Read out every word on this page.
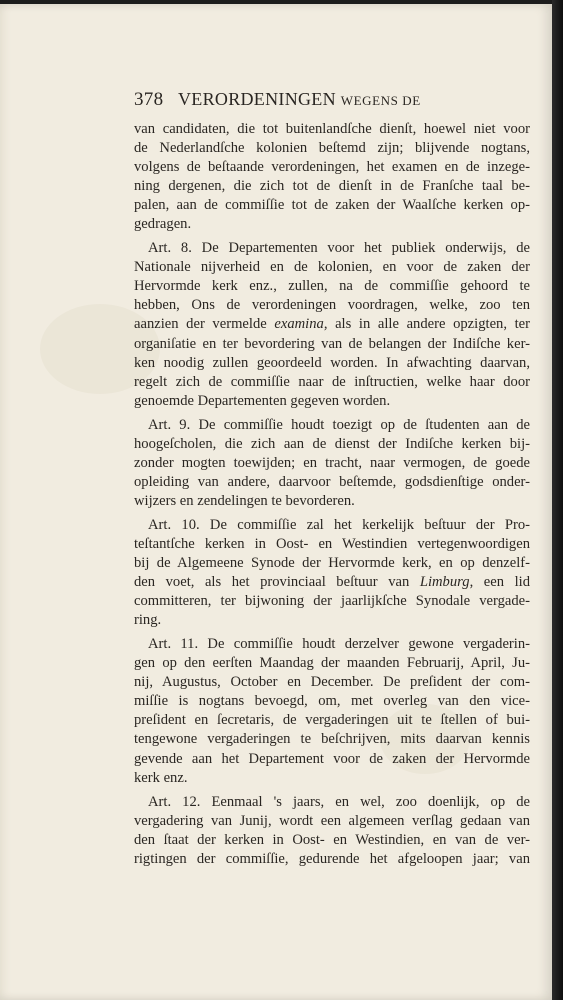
378 VERORDENINGEN WEGENS DE
van candidaten, die tot buitenlandſche dienſt, hoewel niet voor
de Nederlandſche kolonien beſtemd zijn; blijvende nogtans,
volgens de beſtaande verordeningen, het examen en de inzege-
ning dergenen, die zich tot de dienſt in de Franſche taal be-
palen, aan de commiſſie tot de zaken der Waalſche kerken op-
gedragen.
Art. 8. De Departementen voor het publiek onderwijs, de
Nationale nijverheid en de kolonien, en voor de zaken der
Hervormde kerk enz., zullen, na de commiſſie gehoord te
hebben, Ons de verordeningen voordragen, welke, zoo ten
aanzien der vermelde examina, als in alle andere opzigten, ter
organiſatie en ter bevordering van de belangen der Indiſche ker-
ken noodig zullen geoordeeld worden. In afwachting daarvan,
regelt zich de commiſſie naar de inſtructien, welke haar door
genoemde Departementen gegeven worden.
Art. 9. De commiſſie houdt toezigt op de ſtudenten aan de
hoogeſcholen, die zich aan de dienst der Indiſche kerken bij-
zonder mogten toewijden; en tracht, naar vermogen, de goede
opleiding van andere, daarvoor beſtemde, godsdienſtige onder-
wijzers en zendelingen te bevorderen.
Art. 10. De commiſſie zal het kerkelijk beſtuur der Pro-
teſtantſche kerken in Oost- en Westindien vertegenwoordigen
bij de Algemeene Synode der Hervormde kerk, en op denzelf-
den voet, als het provinciaal beſtuur van Limburg, een lid
committeren, ter bijwoning der jaarlijkſche Synodale vergade-
ring.
Art. 11. De commiſſie houdt derzelver gewone vergaderin-
gen op den eerſten Maandag der maanden Februarij, April, Ju-
nij, Augustus, October en December. De preſident der com-
miſſie is nogtans bevoegd, om, met overleg van den vice-
preſident en ſecretaris, de vergaderingen uit te ſtellen of bui-
tengewone vergaderingen te beſchrijven, mits daarvan kennis
gevende aan het Departement voor de zaken der Hervormde
kerk enz.
Art. 12. Eenmaal 's jaars, en wel, zoo doenlijk, op de
vergadering van Junij, wordt een algemeen verſlag gedaan van
den ſtaat der kerken in Oost- en Westindien, en van de ver-
rigtingen der commiſſie, gedurende het afgeloopen jaar; van
